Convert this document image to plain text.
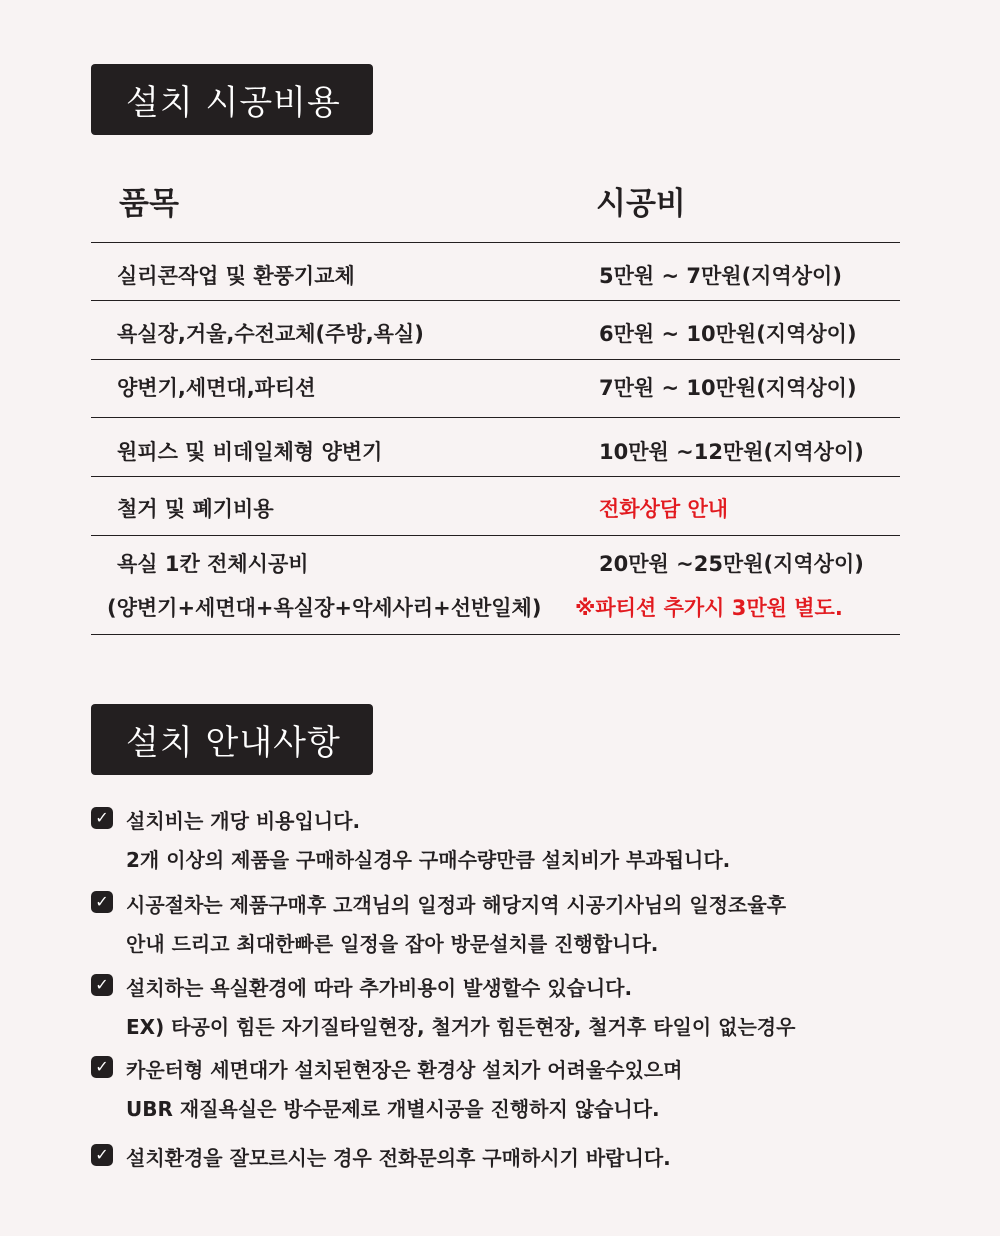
설치 시공비용
품목	시공비
실리콘작업 및 환풍기교체	5만원 ~ 7만원(지역상이)
욕실장,거울,수전교체(주방,욕실)	6만원 ~ 10만원(지역상이)
양변기,세면대,파티션	7만원 ~ 10만원(지역상이)
원피스 및 비데일체형 양변기	10만원 ~12만원(지역상이)
철거 및 폐기비용	전화상담 안내
욕실 1칸 전체시공비	20만원 ~25만원(지역상이)
(양변기+세면대+욕실장+악세사리+선반일체) ※파티션 추가시 3만원 별도.
설치 안내사항
✓ 설치비는 개당 비용입니다.
2개 이상의 제품을 구매하실경우 구매수량만큼 설치비가 부과됩니다.
✓ 시공절차는 제품구매후 고객님의 일정과 해당지역 시공기사님의 일정조율후
안내 드리고 최대한빠른 일정을 잡아 방문설치를 진행합니다.
✓ 설치하는 욕실환경에 따라 추가비용이 발생할수 있습니다.
EX) 타공이 힘든 자기질타일현장, 철거가 힘든현장, 철거후 타일이 없는경우
✓ 카운터형 세면대가 설치된현장은 환경상 설치가 어려울수있으며
UBR 재질욕실은 방수문제로 개별시공을 진행하지 않습니다.
✓ 설치환경을 잘모르시는 경우 전화문의후 구매하시기 바랍니다.
